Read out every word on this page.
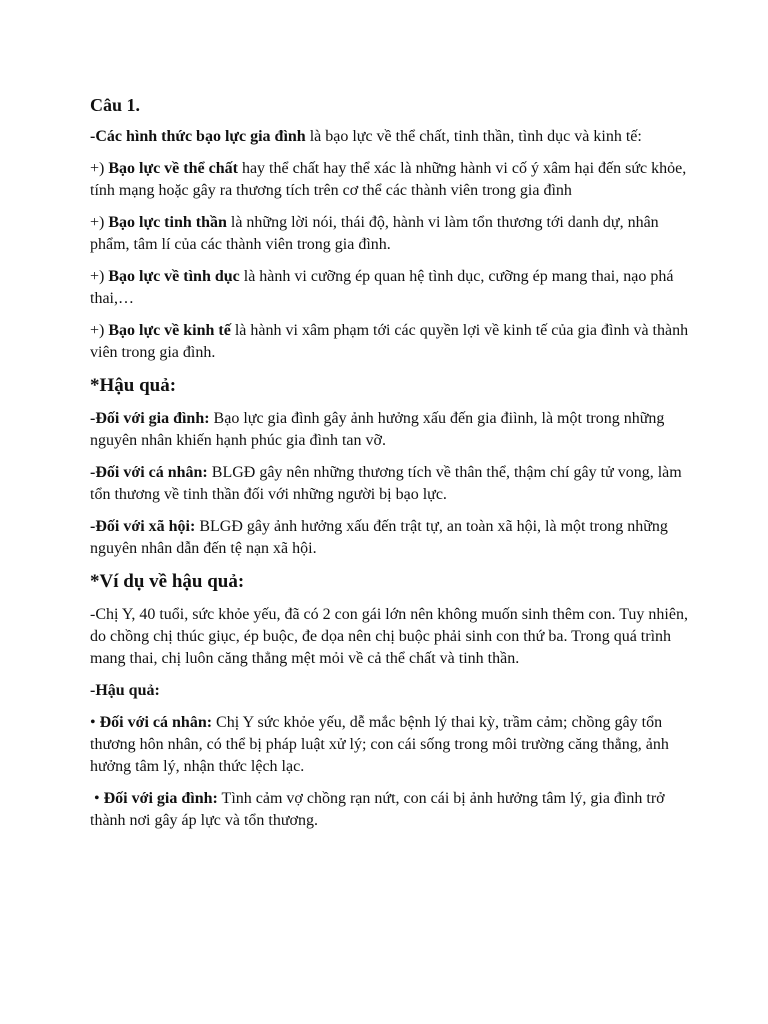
Câu 1.
-Các hình thức bạo lực gia đình là bạo lực về thể chất, tinh thần, tình dục và kinh tế:
+) Bạo lực về thể chất hay thể chất hay thể xác là những hành vi cố ý xâm hại đến sức khỏe, tính mạng hoặc gây ra thương tích trên cơ thể các thành viên trong gia đình
+) Bạo lực tinh thần là những lời nói, thái độ, hành vi làm tổn thương tới danh dự, nhân phẩm, tâm lí của các thành viên trong gia đình.
+) Bạo lực về tình dục là hành vi cưỡng ép quan hệ tình dục, cưỡng ép mang thai, nạo phá thai,…
+) Bạo lực về kinh tế là hành vi xâm phạm tới các quyền lợi về kinh tế của gia đình và thành viên trong gia đình.
*Hậu quả:
-Đối với gia đình: Bạo lực gia đình gây ảnh hưởng xấu đến gia điình, là một trong những nguyên nhân khiến hạnh phúc gia đình tan vỡ.
-Đối với cá nhân: BLGĐ gây nên những thương tích về thân thể, thậm chí gây tử vong, làm tổn thương về tinh thần đối với những người bị bạo lực.
-Đối với xã hội: BLGĐ gây ảnh hưởng xấu đến trật tự, an toàn xã hội, là một trong những nguyên nhân dẫn đến tệ nạn xã hội.
*Ví dụ về hậu quả:
-Chị Y, 40 tuổi, sức khỏe yếu, đã có 2 con gái lớn nên không muốn sinh thêm con. Tuy nhiên, do chồng chị thúc giục, ép buộc, đe dọa nên chị buộc phải sinh con thứ ba. Trong quá trình mang thai, chị luôn căng thẳng mệt mỏi về cả thể chất và tinh thần.
-Hậu quả:
• Đối với cá nhân: Chị Y sức khỏe yếu, dễ mắc bệnh lý thai kỳ, trầm cảm; chồng gây tổn thương hôn nhân, có thể bị pháp luật xử lý; con cái sống trong môi trường căng thẳng, ảnh hưởng tâm lý, nhận thức lệch lạc.
• Đối với gia đình: Tình cảm vợ chồng rạn nứt, con cái bị ảnh hưởng tâm lý, gia đình trở thành nơi gây áp lực và tổn thương.
